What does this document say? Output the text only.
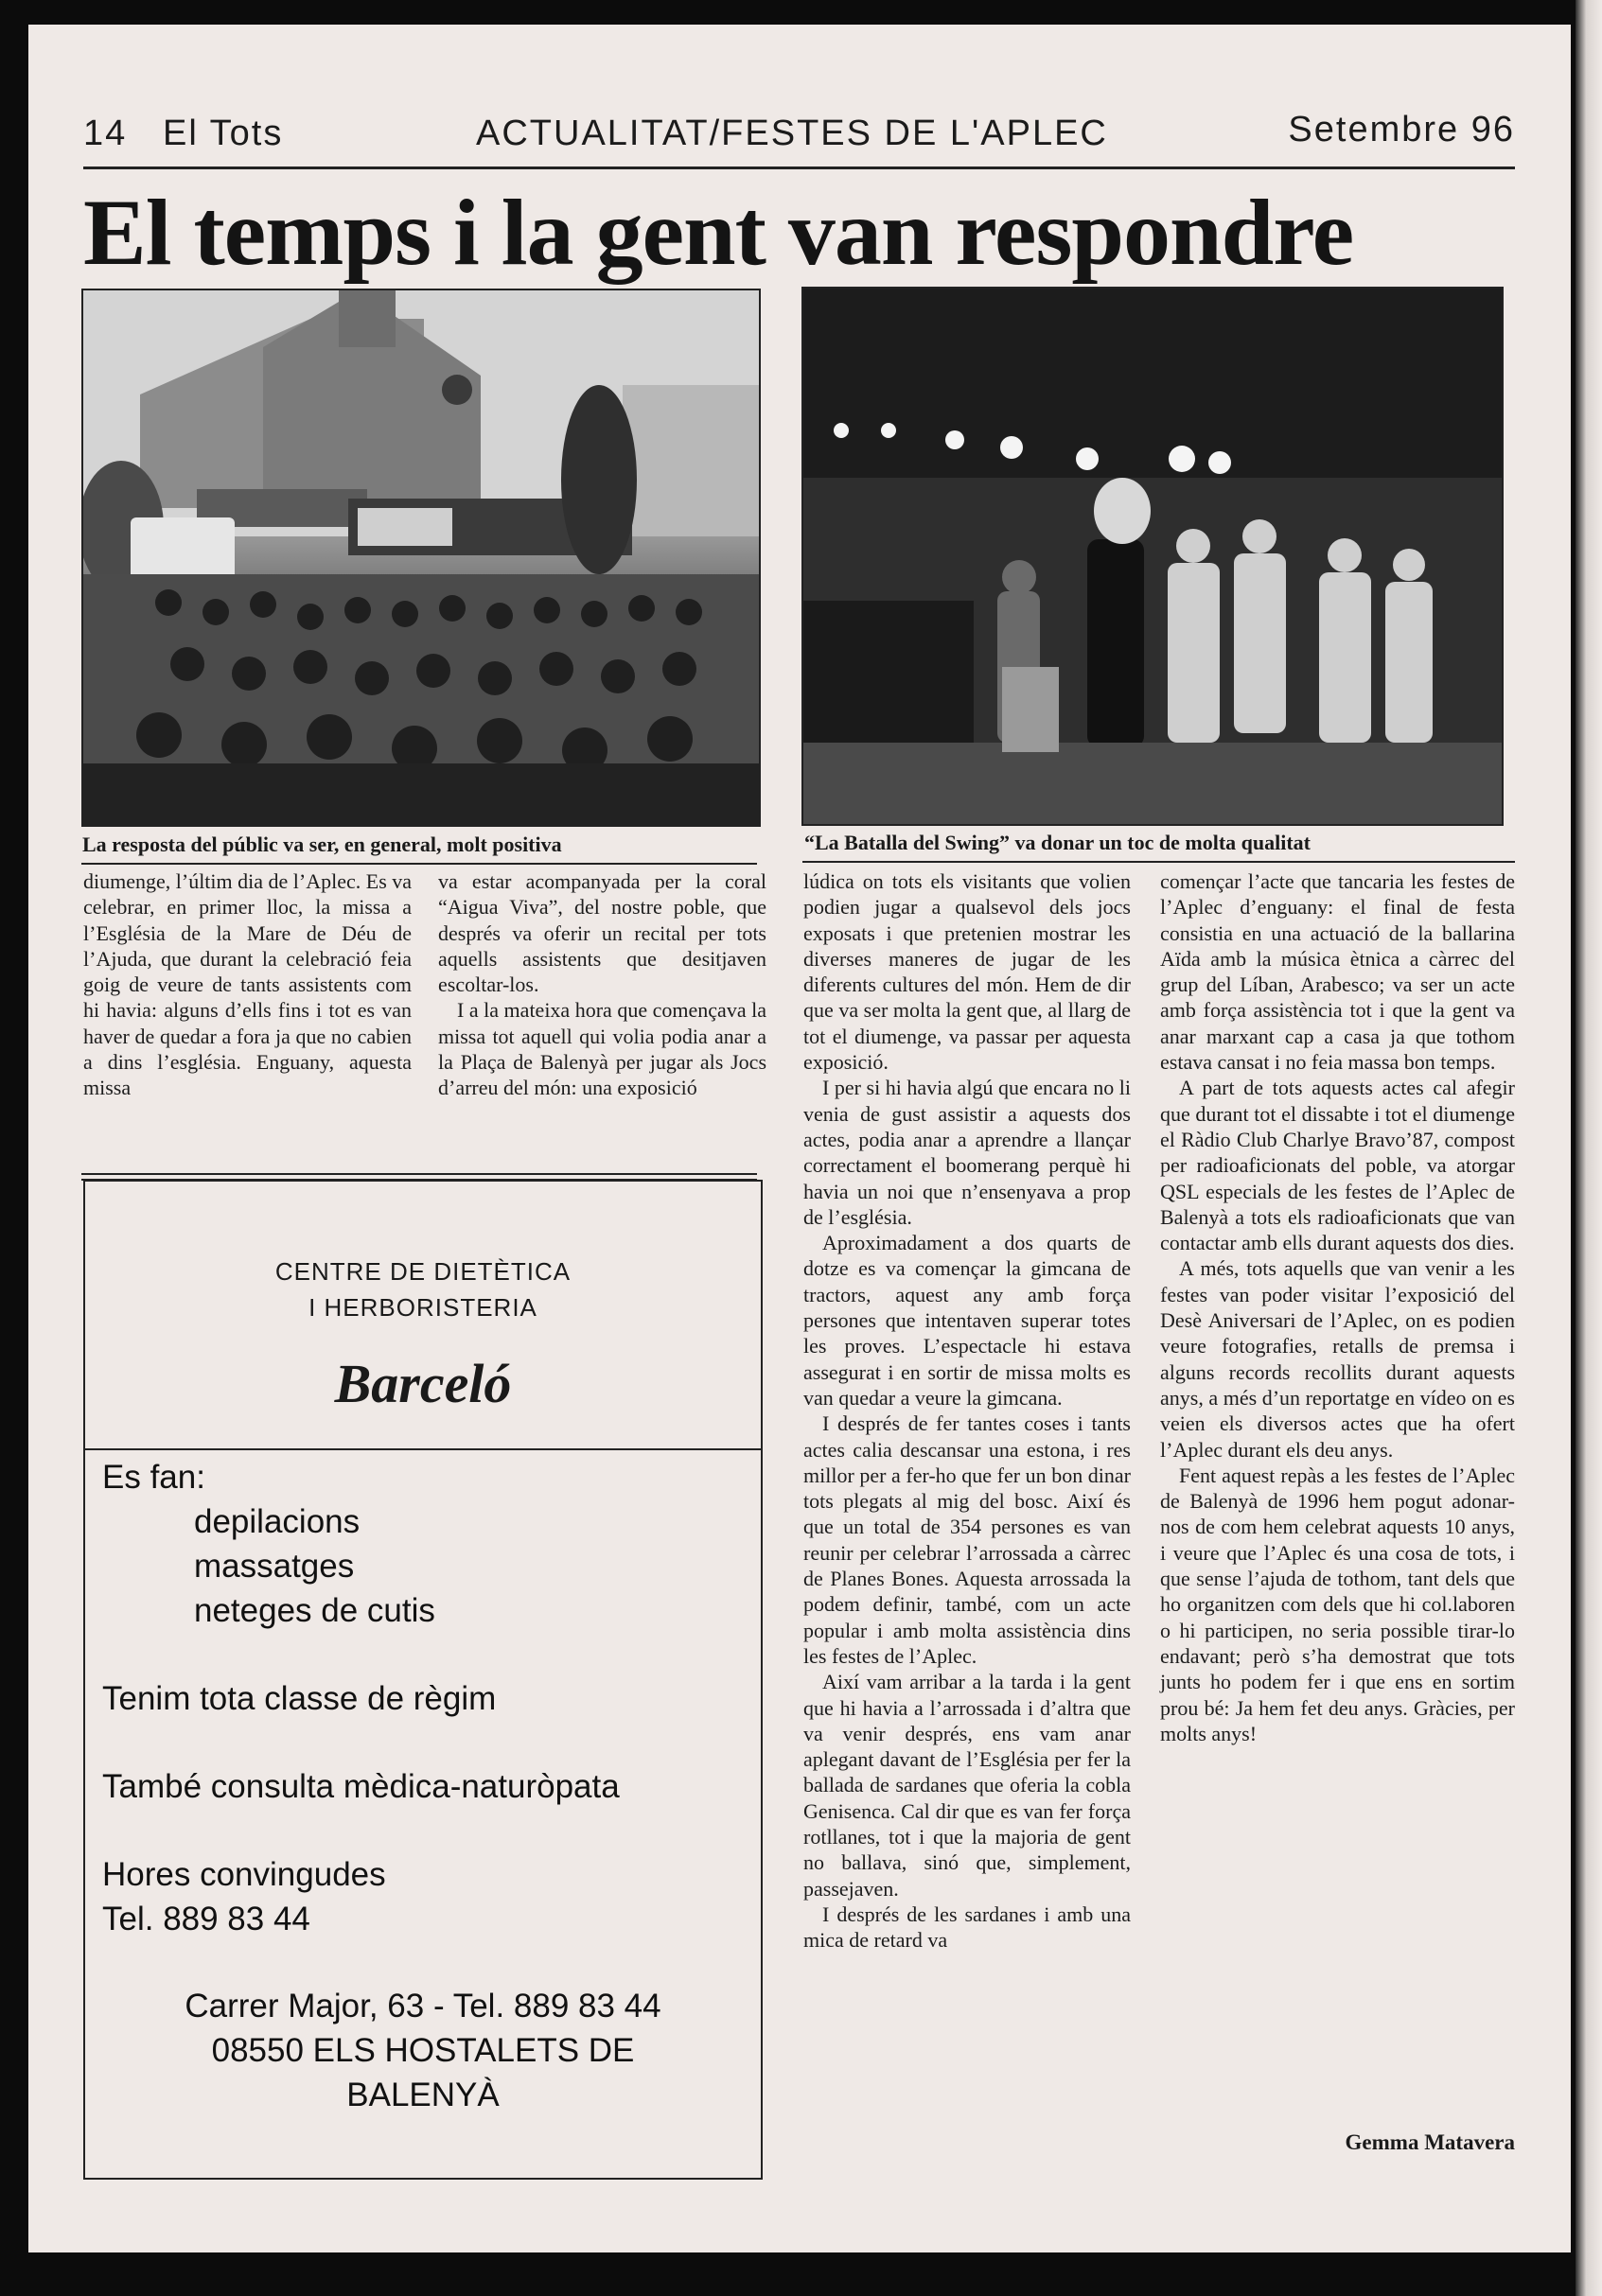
14 El Tots	ACTUALITAT/FESTES DE L'APLEC	Setembre 96
El temps i la gent van respondre
La resposta del públic va ser, en general, molt positiva	“La Batalla del Swing” va donar un toc de molta qualitat

diumenge, l’últim dia de l’Aplec. Es va celebrar, en primer lloc, la missa a l’Església de la Mare de Déu de l’Ajuda, que durant la celebració feia goig de veure de tants assistents com hi havia: alguns d’ells fins i tot es van haver de quedar a fora ja que no cabien a dins l’església. Enguany, aquesta missa

va estar acompanyada per la coral “Aigua Viva”, del nostre poble, que després va oferir un recital per tots aquells assistents que desitjaven escoltar-los.

I a la mateixa hora que començava la missa tot aquell qui volia podia anar a la Plaça de Balenyà per jugar als Jocs d’arreu del món: una exposició

lúdica on tots els visitants que volien podien jugar a qualsevol dels jocs exposats i que pretenien mostrar les diverses maneres de jugar de les diferents cultures del món. Hem de dir que va ser molta la gent que, al llarg de tot el diumenge, va passar per aquesta exposició.

I per si hi havia algú que encara no li venia de gust assistir a aquests dos actes, podia anar a aprendre a llançar correctament el boomerang perquè hi havia un noi que n’ensenyava a prop de l’església.

Aproximadament a dos quarts de dotze es va començar la gimcana de tractors, aquest any amb força persones que intentaven superar totes les proves. L’espectacle hi estava assegurat i en sortir de missa molts es van quedar a veure la gimcana.

I després de fer tantes coses i tants actes calia descansar una estona, i res millor per a fer-ho que fer un bon dinar tots plegats al mig del bosc. Així és que un total de 354 persones es van reunir per celebrar l’arrossada a càrrec de Planes Bones. Aquesta arrossada la podem definir, també, com un acte popular i amb molta assistència dins les festes de l’Aplec.

Així vam arribar a la tarda i la gent que hi havia a l’arrossada i d’altra que va venir després, ens vam anar aplegant davant de l’Església per fer la ballada de sardanes que oferia la cobla Genisenca. Cal dir que es van fer força rotllanes, tot i que la majoria de gent no ballava, sinó que, simplement, passejaven.

I després de les sardanes i amb una mica de retard va

començar l’acte que tancaria les festes de l’Aplec d’enguany: el final de festa consistia en una actuació de la ballarina Aïda amb la música ètnica a càrrec del grup del Líban, Arabesco; va ser un acte amb força assistència tot i que la gent va anar marxant cap a casa ja que tothom estava cansat i no feia massa bon temps.

A part de tots aquests actes cal afegir que durant tot el dissabte i tot el diumenge el Ràdio Club Charlye Bravo’87, compost per radioaficionats del poble, va atorgar QSL especials de les festes de l’Aplec de Balenyà a tots els radioaficionats que van contactar amb ells durant aquests dos dies.

A més, tots aquells que van venir a les festes van poder visitar l’exposició del Desè Aniversari de l’Aplec, on es podien veure fotografies, retalls de premsa i alguns records recollits durant aquests anys, a més d’un reportatge en vídeo on es veien els diversos actes que ha ofert l’Aplec durant els deu anys.

Fent aquest repàs a les festes de l’Aplec de Balenyà de 1996 hem pogut adonar-nos de com hem celebrat aquests 10 anys, i veure que l’Aplec és una cosa de tots, i que sense l’ajuda de tothom, tant dels que ho organitzen com dels que hi col.laboren o hi participen, no seria possible tirar-lo endavant; però s’ha demostrat que tots junts ho podem fer i que ens en sortim prou bé: Ja hem fet deu anys. Gràcies, per molts anys!

CENTRE DE DIETÈTICA
I HERBORISTERIA
Barceló
Es fan:
depilacions
massatges
neteges de cutis
Tenim tota classe de règim
També consulta mèdica-naturòpata
Hores convingudes
Tel. 889 83 44
Carrer Major, 63 - Tel. 889 83 44
08550 ELS HOSTALETS DE
BALENYÀ
Gemma Matavera
